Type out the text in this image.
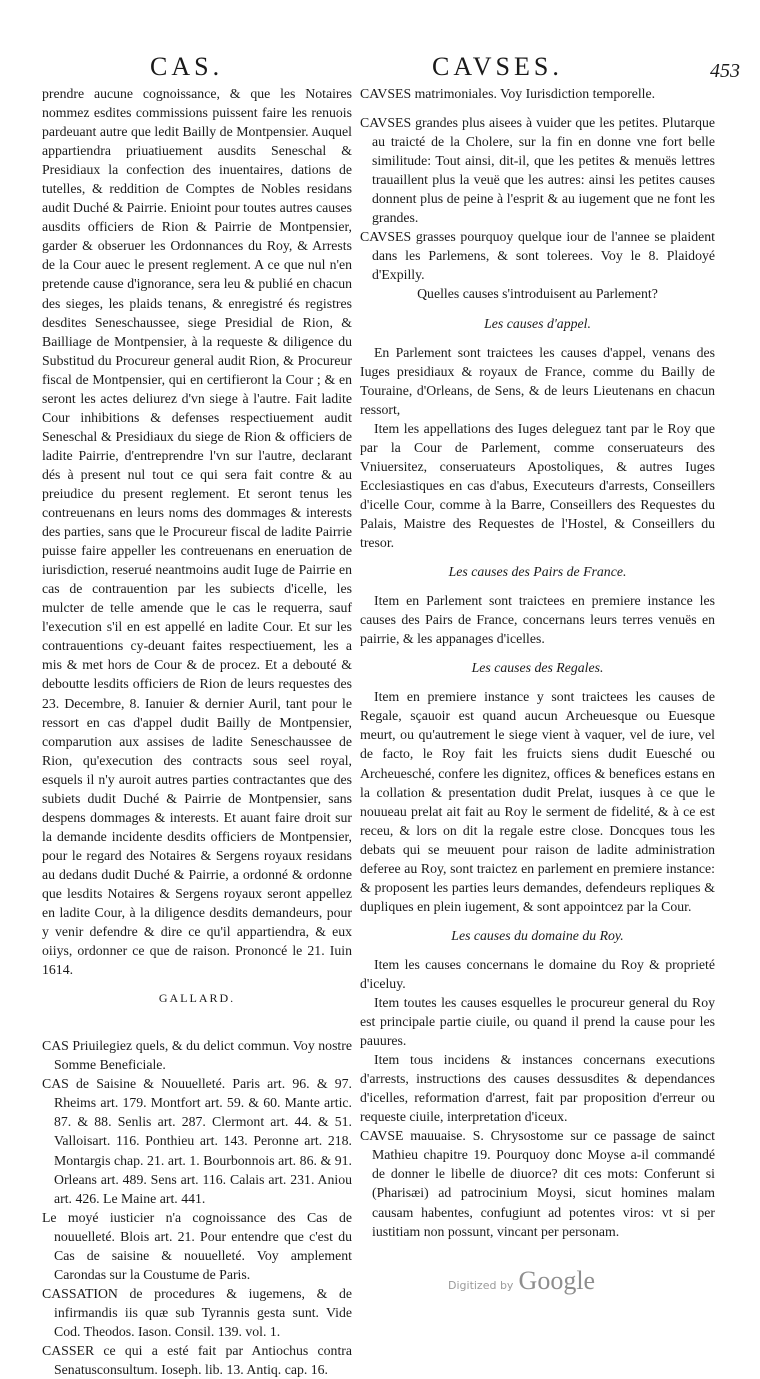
CAS.	CAVSES.	453

prendre aucune cognoissance, & que les Notaires nommez esdites commissions puissent faire les renuois pardeuant autre que ledit Bailly de Montpensier. Auquel appartiendra priuatiuement ausdits Seneschal & Presidiaux la confection des inuentaires, dations de tutelles, & reddition de Comptes de Nobles residans audit Duché & Pairrie. Enioint pour toutes autres causes ausdits officiers de Rion & Pairrie de Montpensier, garder & obseruer les Ordonnances du Roy, & Arrests de la Cour auec le present reglement. A ce que nul n'en pretende cause d'ignorance, sera leu & publié en chacun des sieges, les plaids tenans, & enregistré és registres desdites Seneschaussee, siege Presidial de Rion, & Bailliage de Montpensier, à la requeste & diligence du Substitud du Procureur general audit Rion, & Procureur fiscal de Montpensier, qui en certifieront la Cour ; & en seront les actes deliurez d'vn siege à l'autre. Fait ladite Cour inhibitions & defenses respectiuement audit Seneschal & Presidiaux du siege de Rion & officiers de ladite Pairrie, d'entreprendre l'vn sur l'autre, declarant dés à present nul tout ce qui sera fait contre & au preiudice du present reglement. Et seront tenus les contreuenans en leurs noms des dommages & interests des parties, sans que le Procureur fiscal de ladite Pairrie puisse faire appeller les contreuenans en eneruation de iurisdiction, reserué neantmoins audit Iuge de Pairrie en cas de contrauention par les subiects d'icelle, les mulcter de telle amende que le cas le requerra, sauf l'execution s'il en est appellé en ladite Cour. Et sur les contrauentions cy-deuant faites respectiuement, les a mis & met hors de Cour & de procez. Et a debouté & deboutte lesdits officiers de Rion de leurs requestes des 23. Decembre, 8. Ianuier & dernier Auril, tant pour le ressort en cas d'appel dudit Bailly de Montpensier, comparution aux assises de ladite Seneschaussee de Rion, qu'execution des contracts sous seel royal, esquels il n'y auroit autres parties contractantes que des subiets dudit Duché & Pairrie de Montpensier, sans despens dommages & interests. Et auant faire droit sur la demande incidente desdits officiers de Montpensier, pour le regard des Notaires & Sergens royaux residans au dedans dudit Duché & Pairrie, a ordonné & ordonne que lesdits Notaires & Sergens royaux seront appellez en ladite Cour, à la diligence desdits demandeurs, pour y venir defendre & dire ce qu'il appartiendra, & eux oiiys, ordonner ce que de raison. Prononcé le 21. Iuin 1614.

GALLARD.

CAS Priuilegiez quels, & du delict commun. Voy nostre Somme Beneficiale.

CAS de Saisine & Nouuelleté. Paris art. 96. & 97. Rheims art. 179. Montfort art. 59. & 60. Mante artic. 87. & 88. Senlis art. 287. Clermont art. 44. & 51. Valloisart. 116. Ponthieu art. 143. Peronne art. 218. Montargis chap. 21. art. 1. Bourbonnois art. 86. & 91. Orleans art. 489. Sens art. 116. Calais art. 231. Aniou art. 426. Le Maine art. 441.

Le moyé iusticier n'a cognoissance des Cas de nouuelleté. Blois art. 21. Pour entendre que c'est du Cas de saisine & nouuelleté. Voy amplement Carondas sur la Coustume de Paris.

CASSATION de procedures & iugemens, & de infirmandis iis quæ sub Tyrannis gesta sunt. Vide Cod. Theodos. Iason. Consil. 139. vol. 1.

CASSER ce qui a esté fait par Antiochus contra Senatusconsultum. Ioseph. lib. 13. Antiq. cap. 16.

CAVSES matrimoniales. Voy Iurisdiction temporelle.

CAVSES grandes plus aisees à vuider que les petites. Plutarque au traicté de la Cholere, sur la fin en donne vne fort belle similitude: Tout ainsi, dit-il, que les petites & menuës lettres trauaillent plus la veuë que les autres: ainsi les petites causes donnent plus de peine à l'esprit & au iugement que ne font les grandes.

CAVSES grasses pourquoy quelque iour de l'annee se plaident dans les Parlemens, & sont tolerees. Voy le 8. Plaidoyé d'Expilly.

Quelles causes s'introduisent au Parlement?

Les causes d'appel.

En Parlement sont traictees les causes d'appel, venans des Iuges presidiaux & royaux de France, comme du Bailly de Touraine, d'Orleans, de Sens, & de leurs Lieutenans en chacun ressort,

Item les appellations des Iuges deleguez tant par le Roy que par la Cour de Parlement, comme conseruateurs des Vniuersitez, conseruateurs Apostoliques, & autres Iuges Ecclesiastiques en cas d'abus, Executeurs d'arrests, Conseillers d'icelle Cour, comme à la Barre, Conseillers des Requestes du Palais, Maistre des Requestes de l'Hostel, & Conseillers du tresor.

Les causes des Pairs de France.

Item en Parlement sont traictees en premiere instance les causes des Pairs de France, concernans leurs terres venuës en pairrie, & les appanages d'icelles.

Les causes des Regales.

Item en premiere instance y sont traictees les causes de Regale, sçauoir est quand aucun Archeuesque ou Euesque meurt, ou qu'autrement le siege vient à vaquer, vel de iure, vel de facto, le Roy fait les fruicts siens dudit Euesché ou Archeuesché, confere les dignitez, offices & benefices estans en la collation & presentation dudit Prelat, iusques à ce que le nouueau prelat ait fait au Roy le serment de fidelité, & à ce est receu, & lors on dit la regale estre close. Doncques tous les debats qui se meuuent pour raison de ladite administration deferee au Roy, sont traictez en parlement en premiere instance: & proposent les parties leurs demandes, defendeurs repliques & dupliques en plein iugement, & sont appointcez par la Cour.

Les causes du domaine du Roy.

Item les causes concernans le domaine du Roy & proprieté d'iceluy.

Item toutes les causes esquelles le procureur general du Roy est principale partie ciuile, ou quand il prend la cause pour les pauures.

Item tous incidens & instances concernans executions d'arrests, instructions des causes dessusdites & dependances d'icelles, reformation d'arrest, fait par proposition d'erreur ou requeste ciuile, interpretation d'iceux.

CAVSE mauuaise. S. Chrysostome sur ce passage de sainct Mathieu chapitre 19. Pourquoy donc Moyse a-il commandé de donner le libelle de diuorce? dit ces mots: Conferunt si (Pharisæi) ad patrocinium Moysi, sicut homines malam causam habentes, confugiunt ad potentes viros: vt si per iustitiam non possunt, vincant per personam.

Digitized by Google
